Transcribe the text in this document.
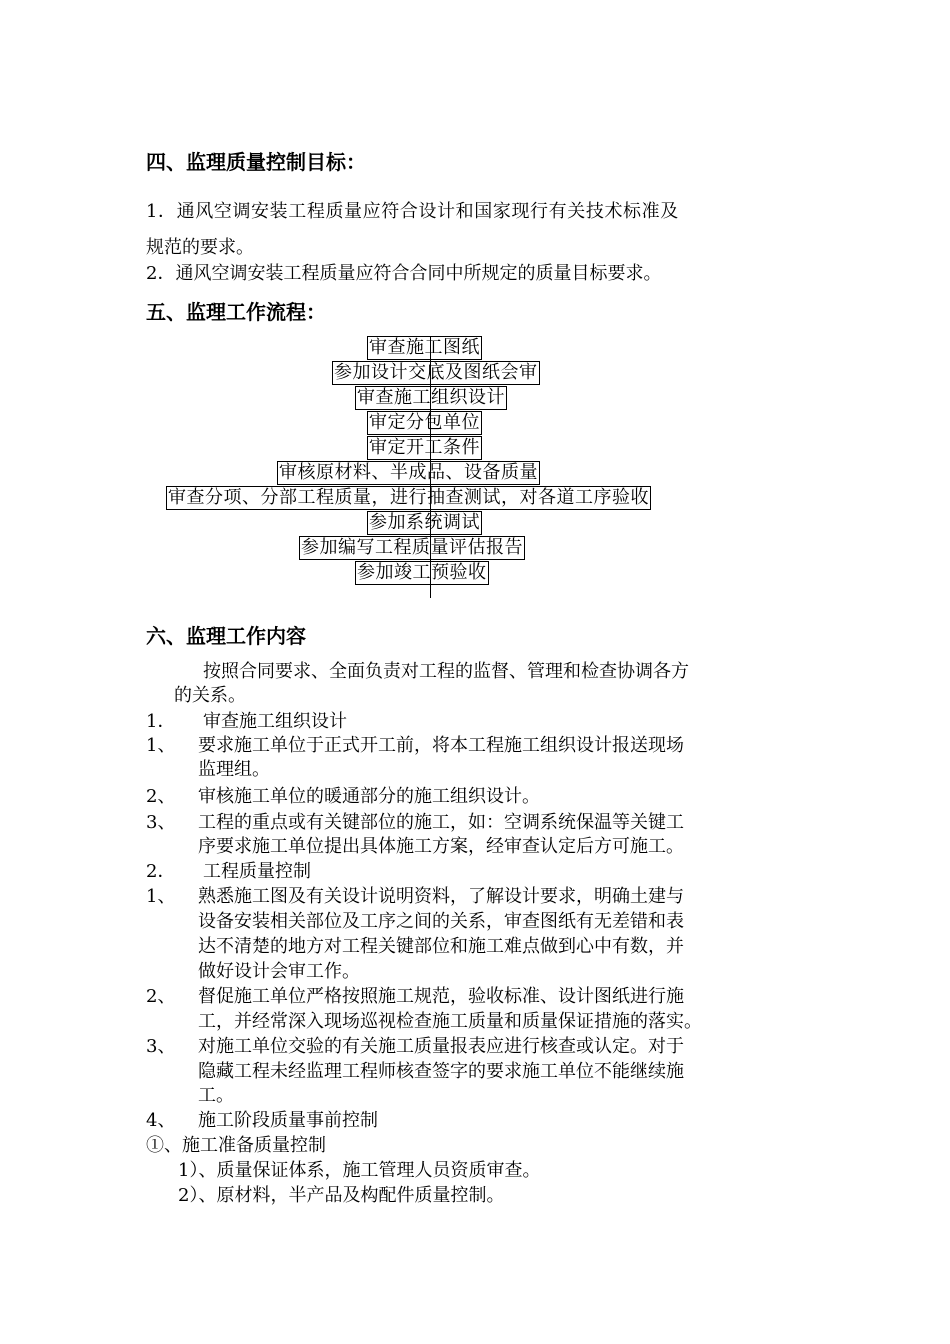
四、监理质量控制目标：
1．通风空调安装工程质量应符合设计和国家现行有关技术标准及
规范的要求。
2．通风空调安装工程质量应符合合同中所规定的质量目标要求。
五、监理工作流程：
审查施工图纸
参加设计交底及图纸会审
审查施工组织设计
审定分包单位
审定开工条件
审核原材料、半成品、设备质量
审查分项、分部工程质量，进行抽查测试，对各道工序验收
参加系统调试
参加编写工程质量评估报告
参加竣工预验收
六、监理工作内容
按照合同要求、全面负责对工程的监督、管理和检查协调各方
的关系。
1． 审查施工组织设计
1、 要求施工单位于正式开工前，将本工程施工组织设计报送现场
监理组。
2、 审核施工单位的暖通部分的施工组织设计。
3、 工程的重点或有关键部位的施工，如：空调系统保温等关键工
序要求施工单位提出具体施工方案，经审查认定后方可施工。
2． 工程质量控制
1、 熟悉施工图及有关设计说明资料，了解设计要求，明确土建与
设备安装相关部位及工序之间的关系，审查图纸有无差错和表
达不清楚的地方对工程关键部位和施工难点做到心中有数，并
做好设计会审工作。
2、 督促施工单位严格按照施工规范，验收标准、设计图纸进行施
工，并经常深入现场巡视检查施工质量和质量保证措施的落实。
3、 对施工单位交验的有关施工质量报表应进行核查或认定。对于
隐藏工程未经监理工程师核查签字的要求施工单位不能继续施
工。
4、 施工阶段质量事前控制
①、施工准备质量控制
1）、质量保证体系，施工管理人员资质审查。
2）、原材料，半产品及构配件质量控制。
